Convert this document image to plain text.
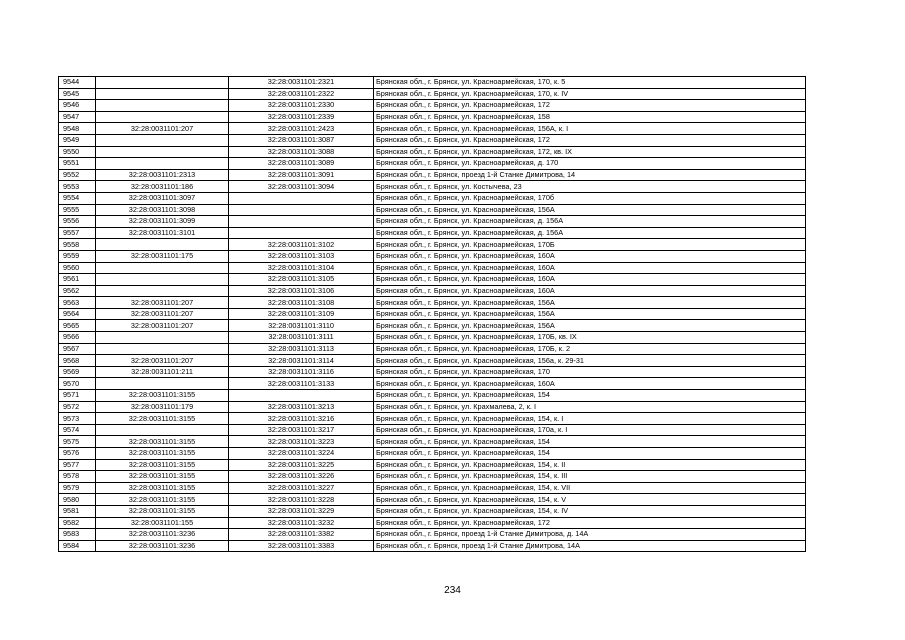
9544		32:28:0031101:2321	Брянская обл., г. Брянск, ул. Красноармейская, 170, к. 5
9545		32:28:0031101:2322	Брянская обл., г. Брянск, ул. Красноармейская, 170, к. IV
9546		32:28:0031101:2330	Брянская обл., г. Брянск, ул. Красноармейская, 172
9547		32:28:0031101:2339	Брянская обл., г. Брянск, ул. Красноармейская, 158
9548	32:28:0031101:207	32:28:0031101:2423	Брянская обл., г. Брянск, ул. Красноармейская, 156А, к. I
9549		32:28:0031101:3087	Брянская обл., г. Брянск, ул. Красноармейская, 172
9550		32:28:0031101:3088	Брянская обл., г. Брянск, ул. Красноармейская, 172, кв. IX
9551		32:28:0031101:3089	Брянская обл., г. Брянск, ул. Красноармейская, д. 170
9552	32:28:0031101:2313	32:28:0031101:3091	Брянская обл., г. Брянск, проезд 1-й Станке Димитрова, 14
9553	32:28:0031101:186	32:28:0031101:3094	Брянская обл., г. Брянск, ул. Костычева, 23
9554	32:28:0031101:3097		Брянская обл., г. Брянск, ул. Красноармейская, 170б
9555	32:28:0031101:3098		Брянская обл., г. Брянск, ул. Красноармейская, 156А
9556	32:28:0031101:3099		Брянская обл., г. Брянск, ул. Красноармейская, д. 156А
9557	32:28:0031101:3101		Брянская обл., г. Брянск, ул. Красноармейская, д. 156А
9558		32:28:0031101:3102	Брянская обл., г. Брянск, ул. Красноармейская, 170Б
9559	32:28:0031101:175	32:28:0031101:3103	Брянская обл., г. Брянск, ул. Красноармейская, 160А
9560		32:28:0031101:3104	Брянская обл., г. Брянск, ул. Красноармейская, 160А
9561		32:28:0031101:3105	Брянская обл., г. Брянск, ул. Красноармейская, 160А
9562		32:28:0031101:3106	Брянская обл., г. Брянск, ул. Красноармейская, 160А
9563	32:28:0031101:207	32:28:0031101:3108	Брянская обл., г. Брянск, ул. Красноармейская, 156А
9564	32:28:0031101:207	32:28:0031101:3109	Брянская обл., г. Брянск, ул. Красноармейская, 156А
9565	32:28:0031101:207	32:28:0031101:3110	Брянская обл., г. Брянск, ул. Красноармейская, 156А
9566		32:28:0031101:3111	Брянская обл., г. Брянск, ул. Красноармейская, 170Б, кв. IX
9567		32:28:0031101:3113	Брянская обл., г. Брянск, ул. Красноармейская, 170Б, к. 2
9568	32:28:0031101:207	32:28:0031101:3114	Брянская обл., г. Брянск, ул. Красноармейская, 156а, к. 29-31
9569	32:28:0031101:211	32:28:0031101:3116	Брянская обл., г. Брянск, ул. Красноармейская, 170
9570		32:28:0031101:3133	Брянская обл., г. Брянск, ул. Красноармейская, 160А
9571	32:28:0031101:3155		Брянская обл., г. Брянск, ул. Красноармейская, 154
9572	32:28:0031101:179	32:28:0031101:3213	Брянская обл., г. Брянск, ул. Крахмалева, 2, к. I
9573	32:28:0031101:3155	32:28:0031101:3216	Брянская обл., г. Брянск, ул. Красноармейская, 154, к. I
9574		32:28:0031101:3217	Брянская обл., г. Брянск, ул. Красноармейская, 170а, к. I
9575	32:28:0031101:3155	32:28:0031101:3223	Брянская обл., г. Брянск, ул. Красноармейская, 154
9576	32:28:0031101:3155	32:28:0031101:3224	Брянская обл., г. Брянск, ул. Красноармейская, 154
9577	32:28:0031101:3155	32:28:0031101:3225	Брянская обл., г. Брянск, ул. Красноармейская, 154, к. II
9578	32:28:0031101:3155	32:28:0031101:3226	Брянская обл., г. Брянск, ул. Красноармейская, 154, к. III
9579	32:28:0031101:3155	32:28:0031101:3227	Брянская обл., г. Брянск, ул. Красноармейская, 154, к. VII
9580	32:28:0031101:3155	32:28:0031101:3228	Брянская обл., г. Брянск, ул. Красноармейская, 154, к. V
9581	32:28:0031101:3155	32:28:0031101:3229	Брянская обл., г. Брянск, ул. Красноармейская, 154, к. IV
9582	32:28:0031101:155	32:28:0031101:3232	Брянская обл., г. Брянск, ул. Красноармейская, 172
9583	32:28:0031101:3236	32:28:0031101:3382	Брянская обл., г. Брянск, проезд 1-й Станке Димитрова, д. 14А
9584	32:28:0031101:3236	32:28:0031101:3383	Брянская обл., г. Брянск, проезд 1-й Станке Димитрова, 14А
234
